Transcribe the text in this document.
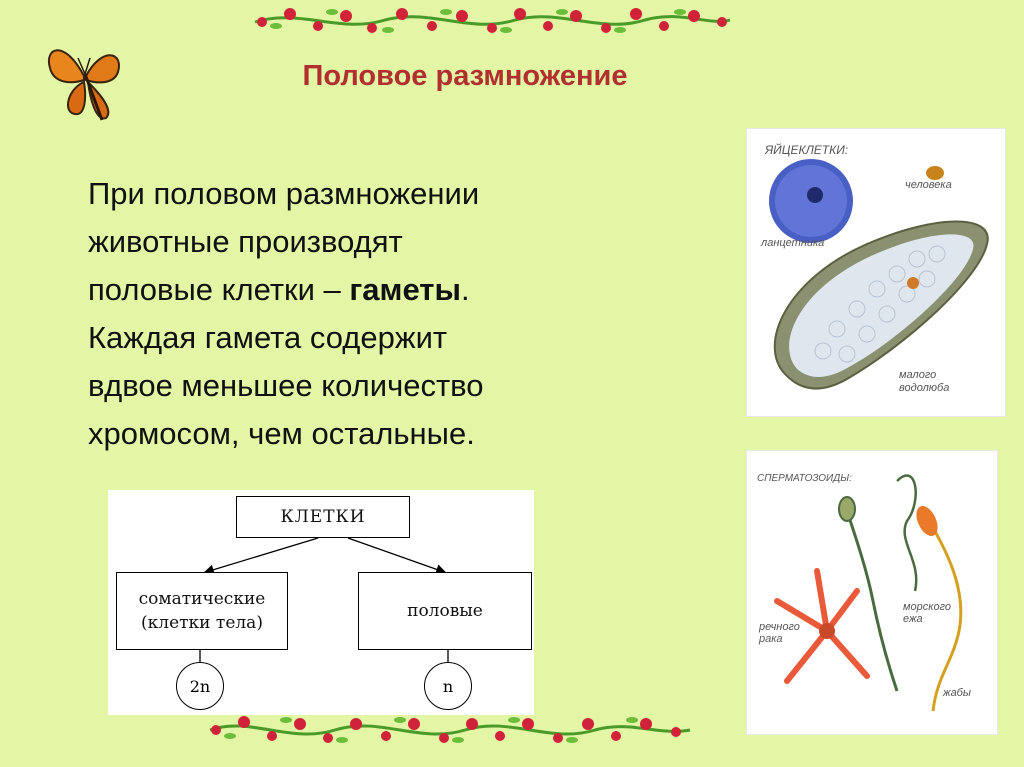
Половое размножение

При половом размножении

животные производят

половые клетки – гаметы.

Каждая гамета содержит

вдвое меньшее количество

хромосом, чем остальные.

ЯЙЦЕКЛЕТКИ:
человека
ланцетника
малого
водолюба
СПЕРМАТОЗОИДЫ:
речного
рака
морского
ежа
жабы
КЛЕТКИ
соматические
(клетки тела)
половые
2n	n
